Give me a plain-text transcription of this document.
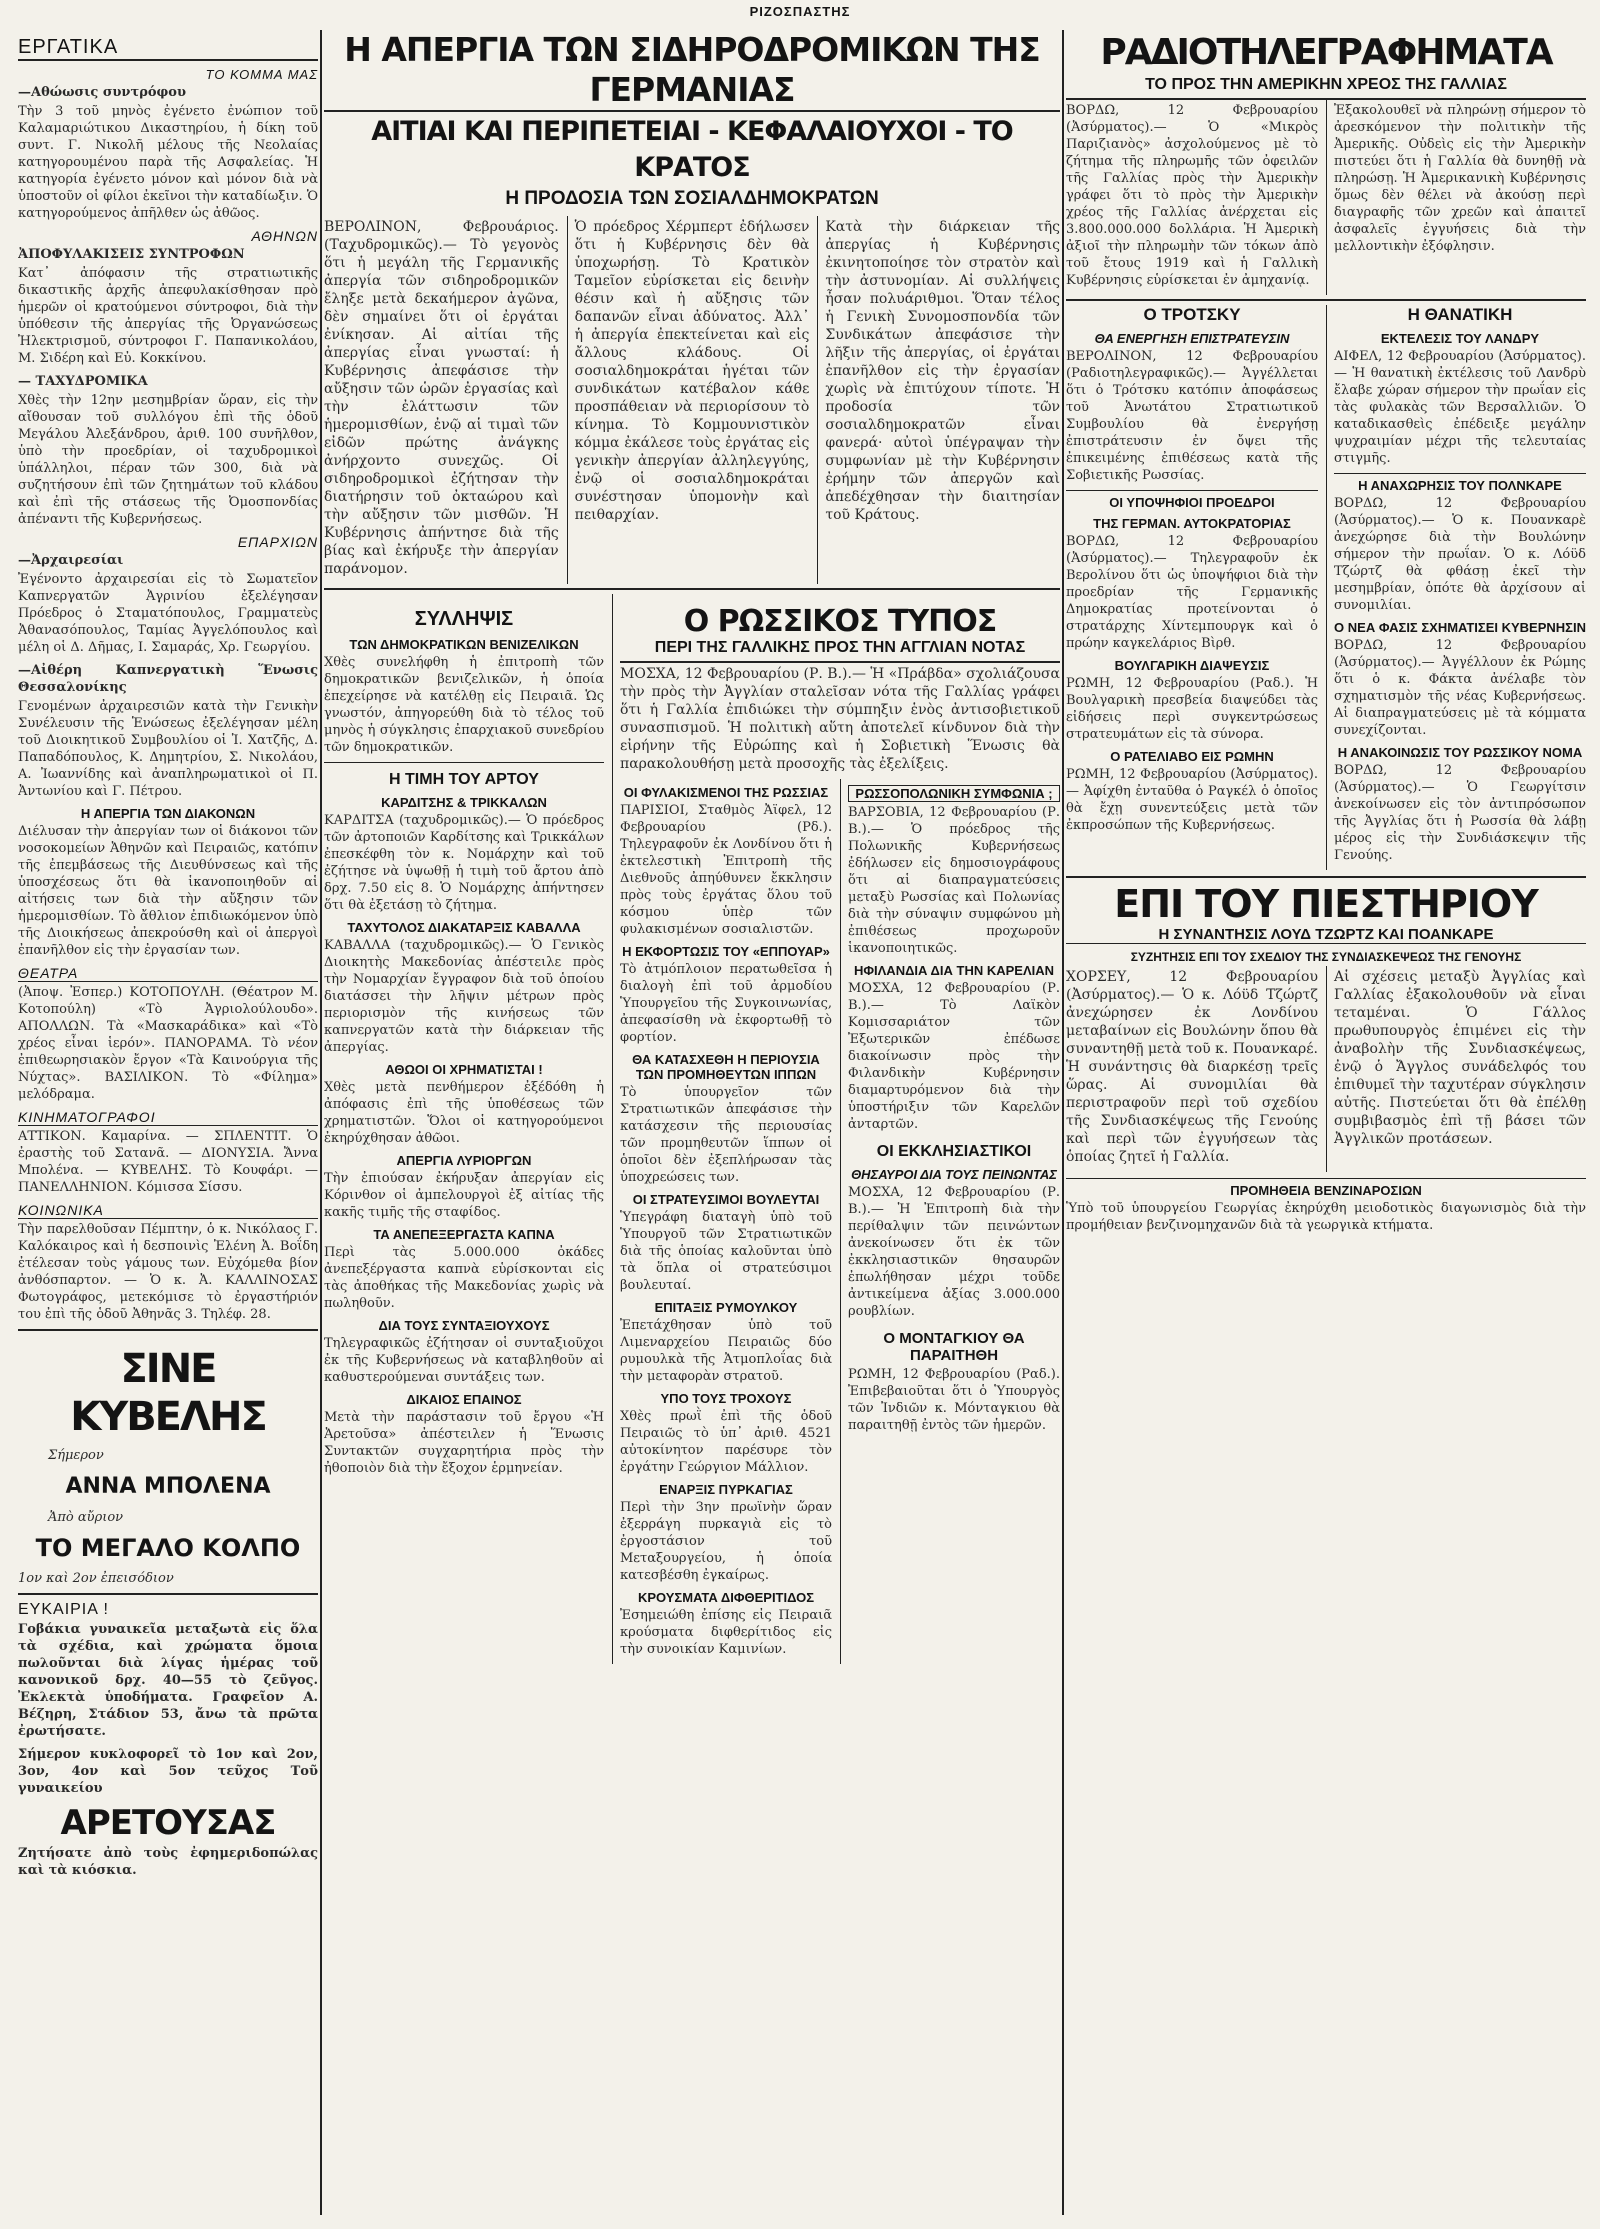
ΡΙΖΟΣΠΑΣΤΗΣ
ΕΡΓΑΤΙΚΑ
ΤΟ ΚΟΜΜΑ ΜΑΣ
—Αθώωσις συντρόφου
Τὴν 3 τοῦ μηνὸς ἐγένετο ἐνώπιον τοῦ Καλαμαριώτικου Δικαστηρίου, ἡ δίκη τοῦ συντ. Γ. Νικολῆ μέλους τῆς Νεολαίας κατηγορουμένου παρὰ τῆς Ασφαλείας. Ἡ κατηγορία ἐγένετο μόνον καὶ μόνον διὰ νὰ ὑποστοῦν οἱ φίλοι ἐκεῖνοι τὴν καταδίωξιν. Ὁ κατηγορούμενος ἀπῆλθεν ὡς ἀθῶος.
ΑΘΗΝΩΝ
ἈΠΟΦΥΛΑΚΙΣΕΙΣ ΣΥΝΤΡΟΦΩΝ
Κατ᾽ ἀπόφασιν τῆς στρατιωτικῆς δικαστικῆς ἀρχῆς ἀπεφυλακίσθησαν πρὸ ἡμερῶν οἱ κρατούμενοι σύντροφοι, διὰ τὴν ὑπόθεσιν τῆς ἀπεργίας τῆς Ὀργανώσεως Ἠλεκτρισμοῦ, σύντροφοι Γ. Παπανικολάου, Μ. Σιδέρη καὶ Εὐ. Κοκκίνου.
— ΤΑΧΥΔΡΟΜΙΚΑ
Χθὲς τὴν 12ην μεσημβρίαν ὥραν, εἰς τὴν αἴθουσαν τοῦ συλλόγου ἐπὶ τῆς ὁδοῦ Μεγάλου Ἀλεξάνδρου, ἀριθ. 100 συνῆλθον, ὑπὸ τὴν προεδρίαν, οἱ ταχυδρομικοὶ ὑπάλληλοι, πέραν τῶν 300, διὰ νὰ συζητήσουν ἐπὶ τῶν ζητημάτων τοῦ κλάδου καὶ ἐπὶ τῆς στάσεως τῆς Ὀμοσπονδίας ἀπέναντι τῆς Κυβερνήσεως.
ΕΠΑΡΧΙΩΝ
—Ἀρχαιρεσίαι
Ἐγένοντο ἀρχαιρεσίαι εἰς τὸ Σωματεῖον Καπνεργατῶν Ἀγρινίου ἐξελέγησαν Πρόεδρος ὁ Σταματόπουλος, Γραμματεὺς Ἀθανασόπουλος, Ταμίας Ἀγγελόπουλος καὶ μέλη οἱ Δ. Δῆμας, Ι. Σαμαράς, Χρ. Γεωργίου.
—Αἰθέρη Καπνεργατικὴ Ἕνωσις Θεσσαλονίκης
Γενομένων ἀρχαιρεσιῶν κατὰ τὴν Γενικὴν Συνέλευσιν τῆς Ἑνώσεως ἐξελέγησαν μέλη τοῦ Διοικητικοῦ Συμβουλίου οἱ Ἰ. Χατζῆς, Δ. Παπαδόπουλος, Κ. Δημητρίου, Σ. Νικολάου, Α. Ἰωαννίδης καὶ ἀναπληρωματικοὶ οἱ Π. Ἀντωνίου καὶ Γ. Πέτρου.
Η ΑΠΕΡΓΙΑ ΤΩΝ ΔΙΑΚΟΝΩΝ
Διέλυσαν τὴν ἀπεργίαν των οἱ διάκονοι τῶν νοσοκομείων Ἀθηνῶν καὶ Πειραιῶς, κατόπιν τῆς ἐπεμβάσεως τῆς Διευθύνσεως καὶ τῆς ὑποσχέσεως ὅτι θὰ ἱκανοποιηθοῦν αἱ αἰτήσεις των διὰ τὴν αὔξησιν τῶν ἡμερομισθίων. Τὸ ἄθλιον ἐπιδιωκόμενον ὑπὸ τῆς Διοικήσεως ἀπεκρούσθη καὶ οἱ ἀπεργοὶ ἐπανῆλθον εἰς τὴν ἐργασίαν των.
ΘΕΑΤΡΑ
(Ἀποψ. Ἐσπερ.) ΚΟΤΟΠΟΥΛΗ. (Θέατρον Μ. Κοτοπούλη) «Τὸ Ἀγριολούλουδο». ΑΠΟΛΛΩΝ. Τὰ «Μασκαράδικα» καὶ «Τὸ χρέος εἶναι ἱερόν». ΠΑΝΟΡΑΜΑ. Τὸ νέον ἐπιθεωρησιακὸν ἔργον «Τὰ Καινούργια τῆς Νύχτας». ΒΑΣΙΛΙΚΟΝ. Τὸ «Φίλημα» μελόδραμα.
ΚΙΝΗΜΑΤΟΓΡΑΦΟΙ
ΑΤΤΙΚΟΝ. Καμαρίνα. — ΣΠΛΕΝΤΙΤ. Ὁ ἐραστὴς τοῦ Σατανᾶ. — ΔΙΟΝΥΣΙΑ. Ἄννα Μπολένα. — ΚΥΒΕΛΗΣ. Τὸ Κουφάρι. — ΠΑΝΕΛΛΗΝΙΟΝ. Κόμισσα Σίσσυ.
ΚΟΙΝΩΝΙΚΑ
Τὴν παρελθοῦσαν Πέμπτην, ὁ κ. Νικόλαος Γ. Καλόκαιρος καὶ ἡ δεσποινὶς Ἐλένη Ἀ. Βοΐδη ἐτέλεσαν τοὺς γάμους των. Εὐχόμεθα βίον ἀνθόσπαρτον. — Ὁ κ. Ἀ. ΚΑΛΛΙΝΟΣΑΣ Φωτογράφος, μετεκόμισε τὸ ἐργαστήριόν του ἐπὶ τῆς ὁδοῦ Ἀθηνᾶς 3. Τηλέφ. 28.
ΣΙΝΕ ΚΥΒΕΛΗΣ
Σήμερον
ΑΝΝΑ ΜΠΟΛΕΝΑ
Ἀπὸ αὔριον
ΤΟ ΜΕΓΑΛΟ ΚΟΛΠΟ
1ον καὶ 2ον ἐπεισόδιον
ΕΥΚΑΙΡΙΑ !
Γοβάκια γυναικεῖα μεταξωτὰ εἰς ὅλα τὰ σχέδια, καὶ χρώματα ὅμοια πωλοῦνται διὰ λίγας ἡμέρας τοῦ κανονικοῦ δρχ. 40—55 τὸ ζεῦγος. Ἐκλεκτὰ ὑποδήματα. Γραφεῖον Α. Βέζηρη, Στάδιον 53, ἄνω τὰ πρῶτα ἐρωτήσατε.
Σήμερον κυκλοφορεῖ τὸ 1ον καὶ 2ον, 3ον, 4ον καὶ 5ον τεῦχος Τοῦ γυναικείου
ΑΡΕΤΟΥΣΑΣ
Ζητήσατε ἀπὸ τοὺς ἐφημεριδοπώλας καὶ τὰ κιόσκια.
Η ΑΠΕΡΓΙΑ ΤΩΝ ΣΙΔΗΡΟΔΡΟΜΙΚΩΝ ΤΗΣ ΓΕΡΜΑΝΙΑΣ
ΑΙΤΙΑΙ ΚΑΙ ΠΕΡΙΠΕΤΕΙΑΙ - ΚΕΦΑΛΑΙΟΥΧΟΙ - ΤΟ ΚΡΑΤΟΣ
Η ΠΡΟΔΟΣΙΑ ΤΩΝ ΣΟΣΙΑΛΔΗΜΟΚΡΑΤΩΝ
ΒΕΡΟΛΙΝΟΝ, Φεβρουάριος. (Ταχυδρομικῶς).— Τὸ γεγονὸς ὅτι ἡ μεγάλη τῆς Γερμανικῆς ἀπεργία τῶν σιδηροδρομικῶν ἔληξε μετὰ δεκαήμερον ἀγῶνα, δὲν σημαίνει ὅτι οἱ ἐργάται ἐνίκησαν. Αἱ αἰτίαι τῆς ἀπεργίας εἶναι γνωσταί: ἡ Κυβέρνησις ἀπεφάσισε τὴν αὔξησιν τῶν ὡρῶν ἐργασίας καὶ τὴν ἐλάττωσιν τῶν ἡμερομισθίων, ἐνῷ αἱ τιμαὶ τῶν εἰδῶν πρώτης ἀνάγκης ἀνήρχοντο συνεχῶς. Οἱ σιδηροδρομικοὶ ἐζήτησαν τὴν διατήρησιν τοῦ ὀκταώρου καὶ τὴν αὔξησιν τῶν μισθῶν. Ἡ Κυβέρνησις ἀπήντησε διὰ τῆς βίας καὶ ἐκήρυξε τὴν ἀπεργίαν παράνομον.
Ὁ πρόεδρος Χέρμπερτ ἐδήλωσεν ὅτι ἡ Κυβέρνησις δὲν θὰ ὑποχωρήσῃ. Τὸ Κρατικὸν Ταμεῖον εὑρίσκεται εἰς δεινὴν θέσιν καὶ ἡ αὔξησις τῶν δαπανῶν εἶναι ἀδύνατος. Ἀλλ᾽ ἡ ἀπεργία ἐπεκτείνεται καὶ εἰς ἄλλους κλάδους. Οἱ σοσιαλδημοκράται ἡγέται τῶν συνδικάτων κατέβαλον κάθε προσπάθειαν νὰ περιορίσουν τὸ κίνημα. Τὸ Κομμουνιστικὸν κόμμα ἐκάλεσε τοὺς ἐργάτας εἰς γενικὴν ἀπεργίαν ἀλληλεγγύης, ἐνῷ οἱ σοσιαλδημοκράται συνέστησαν ὑπομονὴν καὶ πειθαρχίαν.
Κατὰ τὴν διάρκειαν τῆς ἀπεργίας ἡ Κυβέρνησις ἐκινητοποίησε τὸν στρατὸν καὶ τὴν ἀστυνομίαν. Αἱ συλλήψεις ἦσαν πολυάριθμοι. Ὅταν τέλος ἡ Γενικὴ Συνομοσπονδία τῶν Συνδικάτων ἀπεφάσισε τὴν λῆξιν τῆς ἀπεργίας, οἱ ἐργάται ἐπανῆλθον εἰς τὴν ἐργασίαν χωρὶς νὰ ἐπιτύχουν τίποτε. Ἡ προδοσία τῶν σοσιαλδημοκρατῶν εἶναι φανερά· αὐτοὶ ὑπέγραψαν τὴν συμφωνίαν μὲ τὴν Κυβέρνησιν ἐρήμην τῶν ἀπεργῶν καὶ ἀπεδέχθησαν τὴν διαιτησίαν τοῦ Κράτους.
ΣΥΛΛΗΨΙΣ
ΤΩΝ ΔΗΜΟΚΡΑΤΙΚΩΝ ΒΕΝΙΖΕΛΙΚΩΝ
Χθὲς συνελήφθη ἡ ἐπιτροπὴ τῶν δημοκρατικῶν βενιζελικῶν, ἡ ὁποία ἐπεχείρησε νὰ κατέλθῃ εἰς Πειραιᾶ. Ὡς γνωστόν, ἀπηγορεύθη διὰ τὸ τέλος τοῦ μηνὸς ἡ σύγκλησις ἐπαρχιακοῦ συνεδρίου τῶν δημοκρατικῶν.
Η ΤΙΜΗ ΤΟΥ ΑΡΤΟΥ
ΚΑΡΔΙΤΣΗΣ & ΤΡΙΚΚΑΛΩΝ
ΚΑΡΔΙΤΣΑ (ταχυδρομικῶς).— Ὁ πρόεδρος τῶν ἀρτοποιῶν Καρδίτσης καὶ Τρικκάλων ἐπεσκέφθη τὸν κ. Νομάρχην καὶ τοῦ ἐζήτησε νὰ ὑψωθῇ ἡ τιμὴ τοῦ ἄρτου ἀπὸ δρχ. 7.50 εἰς 8. Ὁ Νομάρχης ἀπήντησεν ὅτι θὰ ἐξετάσῃ τὸ ζήτημα.
ΤΑΧΥΤΟΛΟΣ ΔΙΑΚΑΤΑΡΞΙΣ ΚΑΒΑΛΛΑ
ΚΑΒΑΛΛΑ (ταχυδρομικῶς).— Ὁ Γενικὸς Διοικητὴς Μακεδονίας ἀπέστειλε πρὸς τὴν Νομαρχίαν ἔγγραφον διὰ τοῦ ὁποίου διατάσσει τὴν λῆψιν μέτρων πρὸς περιορισμὸν τῆς κινήσεως τῶν καπνεργατῶν κατὰ τὴν διάρκειαν τῆς ἀπεργίας.
ΑΘΩΟΙ ΟΙ ΧΡΗΜΑΤΙΣΤΑΙ !
Χθὲς μετὰ πενθήμερον ἐξέδόθη ἡ ἀπόφασις ἐπὶ τῆς ὑποθέσεως τῶν χρηματιστῶν. Ὅλοι οἱ κατηγορούμενοι ἐκηρύχθησαν ἀθῶοι.
ΑΠΕΡΓΙΑ ΛΥΡΙΟΡΓΩΝ
Τὴν ἐπιούσαν ἐκήρυξαν ἀπεργίαν εἰς Κόρινθον οἱ ἀμπελουργοὶ ἐξ αἰτίας τῆς κακῆς τιμῆς τῆς σταφίδος.
ΤΑ ΑΝΕΠΕΞΕΡΓΑΣΤΑ ΚΑΠΝΑ
Περὶ τὰς 5.000.000 ὀκάδες ἀνεπεξέργαστα καπνὰ εὑρίσκονται εἰς τὰς ἀποθήκας τῆς Μακεδονίας χωρὶς νὰ πωληθοῦν.
ΔΙΑ ΤΟΥΣ ΣΥΝΤΑΞΙΟΥΧΟΥΣ
Τηλεγραφικῶς ἐζήτησαν οἱ συνταξιοῦχοι ἐκ τῆς Κυβερνήσεως νὰ καταβληθοῦν αἱ καθυστερούμεναι συντάξεις των.
ΔΙΚΑΙΟΣ ΕΠΑΙΝΟΣ
Μετὰ τὴν παράστασιν τοῦ ἔργου «Ἡ Ἀρετοῦσα» ἀπέστειλεν ἡ Ἕνωσις Συντακτῶν συγχαρητήρια πρὸς τὴν ἠθοποιὸν διὰ τὴν ἔξοχον ἑρμηνείαν.
Ο ΡΩΣΣΙΚΟΣ ΤΥΠΟΣ
ΠΕΡΙ ΤΗΣ ΓΑΛΛΙΚΗΣ ΠΡΟΣ ΤΗΝ ΑΓΓΛΙΑΝ ΝΟΤΑΣ
ΜΟΣΧΑ, 12 Φεβρουαρίου (Ρ. Β.).— Ἡ «Πράβδα» σχολιάζουσα τὴν πρὸς τὴν Ἀγγλίαν σταλεῖσαν νότα τῆς Γαλλίας γράφει ὅτι ἡ Γαλλία ἐπιδιώκει τὴν σύμπηξιν ἑνὸς ἀντισοβιετικοῦ συνασπισμοῦ. Ἡ πολιτικὴ αὕτη ἀποτελεῖ κίνδυνον διὰ τὴν εἰρήνην τῆς Εὐρώπης καὶ ἡ Σοβιετικὴ Ἕνωσις θὰ παρακολουθήσῃ μετὰ προσοχῆς τὰς ἐξελίξεις.
ΟΙ ΦΥΛΑΚΙΣΜΕΝΟΙ ΤΗΣ ΡΩΣΣΙΑΣ
ΠΑΡΙΣΙΟΙ, Σταθμὸς Ἀϊφελ, 12 Φεβρουαρίου (Ρδ.). Τηλεγραφοῦν ἐκ Λονδίνου ὅτι ἡ ἐκτελεστικὴ Ἐπιτροπὴ τῆς Διεθνοῦς ἀπηύθυνεν ἔκκλησιν πρὸς τοὺς ἐργάτας ὅλου τοῦ κόσμου ὑπὲρ τῶν φυλακισμένων σοσιαλιστῶν.
Η ΕΚΦΟΡΤΩΣΙΣ ΤΟΥ «ΕΠΠΟΥΑΡ»
Τὸ ἀτμόπλοιον περατωθεῖσα ἡ διαλογὴ ἐπὶ τοῦ ἀρμοδίου Ὑπουργεῖου τῆς Συγκοινωνίας, ἀπεφασίσθη νὰ ἐκφορτωθῇ τὸ φορτίον.
ΘΑ ΚΑΤΑΣΧΕΘΗ Η ΠΕΡΙΟΥΣΙΑ ΤΩΝ ΠΡΟΜΗΘΕΥΤΩΝ ΙΠΠΩΝ
Τὸ ὑπουργεῖον τῶν Στρατιωτικῶν ἀπεφάσισε τὴν κατάσχεσιν τῆς περιουσίας τῶν προμηθευτῶν ἵππων οἱ ὁποῖοι δὲν ἐξεπλήρωσαν τὰς ὑποχρεώσεις των.
ΟΙ ΣΤΡΑΤΕΥΣΙΜΟΙ ΒΟΥΛΕΥΤΑΙ
Ὑπεγράφη διαταγὴ ὑπὸ τοῦ Ὑπουργοῦ τῶν Στρατιωτικῶν διὰ τῆς ὁποίας καλοῦνται ὑπὸ τὰ ὅπλα οἱ στρατεύσιμοι βουλευταί.
ΕΠΙΤΑΞΙΣ ΡΥΜΟΥΛΚΟΥ
Ἐπετάχθησαν ὑπὸ τοῦ Λιμεναρχείου Πειραιῶς δύο ρυμουλκὰ τῆς Ἀτμοπλοΐας διὰ τὴν μεταφορὰν στρατοῦ.
ΥΠΟ ΤΟΥΣ ΤΡΟΧΟΥΣ
Χθὲς πρωῒ ἐπὶ τῆς ὁδοῦ Πειραιῶς τὸ ὑπ᾽ ἀριθ. 4521 αὐτοκίνητον παρέσυρε τὸν ἐργάτην Γεώργιον Μάλλιον.
ΕΝΑΡΞΙΣ ΠΥΡΚΑΓΙΑΣ
Περὶ τὴν 3ην πρωϊνὴν ὥραν ἐξερράγη πυρκαγιὰ εἰς τὸ ἐργοστάσιον τοῦ Μεταξουργείου, ἡ ὁποία κατεσβέσθη ἐγκαίρως.
ΚΡΟΥΣΜΑΤΑ ΔΙΦΘΕΡΙΤΙΔΟΣ
Ἐσημειώθη ἐπίσης εἰς Πειραιᾶ κρούσματα διφθερίτιδος εἰς τὴν συνοικίαν Καμινίων.
ΡΩΣΣΟΠΟΛΩΝΙΚΗ ΣΥΜΦΩΝΙΑ ;
ΒΑΡΣΟΒΙΑ, 12 Φεβρουαρίου (Ρ. Β.).— Ὁ πρόεδρος τῆς Πολωνικῆς Κυβερνήσεως ἐδήλωσεν εἰς δημοσιογράφους ὅτι αἱ διαπραγματεύσεις μεταξὺ Ρωσσίας καὶ Πολωνίας διὰ τὴν σύναψιν συμφώνου μὴ ἐπιθέσεως προχωροῦν ἱκανοποιητικῶς.
ΗΦΙΛΑΝΔΙΑ ΔΙΑ ΤΗΝ ΚΑΡΕΛΙΑΝ
ΜΟΣΧΑ, 12 Φεβρουαρίου (Ρ. Β.).— Τὸ Λαϊκὸν Κομισσαριάτον τῶν Ἐξωτερικῶν ἐπέδωσε διακοίνωσιν πρὸς τὴν Φιλανδικὴν Κυβέρνησιν διαμαρτυρόμενον διὰ τὴν ὑποστήριξιν τῶν Καρελῶν ἀνταρτῶν.
ΟΙ ΕΚΚΛΗΣΙΑΣΤΙΚΟΙ
ΘΗΣΑΥΡΟΙ ΔΙΑ ΤΟΥΣ ΠΕΙΝΩΝΤΑΣ
ΜΟΣΧΑ, 12 Φεβρουαρίου (Ρ. Β.).— Ἡ Ἐπιτροπὴ διὰ τὴν περίθαλψιν τῶν πεινώντων ἀνεκοίνωσεν ὅτι ἐκ τῶν ἐκκλησιαστικῶν θησαυρῶν ἐπωλήθησαν μέχρι τοῦδε ἀντικείμενα ἀξίας 3.000.000 ρουβλίων.
Ο ΜΟΝΤΑΓΚΙΟΥ ΘΑ ΠΑΡΑΙΤΗΘΗ
ΡΩΜΗ, 12 Φεβρουαρίου (Ραδ.). Ἐπιβεβαιοῦται ὅτι ὁ Ὑπουργὸς τῶν Ἰνδιῶν κ. Μόνταγκιου θὰ παραιτηθῇ ἐντὸς τῶν ἡμερῶν.
ΡΑΔΙΟΤΗΛΕΓΡΑΦΗΜΑΤΑ
ΤΟ ΠΡΟΣ ΤΗΝ ΑΜΕΡΙΚΗΝ ΧΡΕΟΣ ΤΗΣ ΓΑΛΛΙΑΣ
ΒΟΡΔΩ, 12 Φεβρουαρίου (Ἀσύρματος).— Ὁ «Μικρὸς Παριζιανὸς» ἀσχολούμενος μὲ τὸ ζήτημα τῆς πληρωμῆς τῶν ὀφειλῶν τῆς Γαλλίας πρὸς τὴν Ἀμερικὴν γράφει ὅτι τὸ πρὸς τὴν Ἀμερικὴν χρέος τῆς Γαλλίας ἀνέρχεται εἰς 3.800.000.000 δολλάρια. Ἡ Ἀμερικὴ ἀξιοῖ τὴν πληρωμὴν τῶν τόκων ἀπὸ τοῦ ἔτους 1919 καὶ ἡ Γαλλικὴ Κυβέρνησις εὑρίσκεται ἐν ἀμηχανίᾳ.
Ἐξακολουθεῖ νὰ πληρώνῃ σήμερον τὸ ἀρεσκόμενον τὴν πολιτικὴν τῆς Ἀμερικῆς. Οὐδεὶς εἰς τὴν Ἀμερικὴν πιστεύει ὅτι ἡ Γαλλία θὰ δυνηθῇ νὰ πληρώσῃ. Ἡ Ἀμερικανικὴ Κυβέρνησις ὅμως δὲν θέλει νὰ ἀκούσῃ περὶ διαγραφῆς τῶν χρεῶν καὶ ἀπαιτεῖ ἀσφαλεῖς ἐγγυήσεις διὰ τὴν μελλοντικὴν ἐξόφλησιν.
Ο ΤΡΟΤΣΚΥ
ΘΑ ΕΝΕΡΓΗΣΗ ΕΠΙΣΤΡΑΤΕΥΣΙΝ
ΒΕΡΟΛΙΝΟΝ, 12 Φεβρουαρίου (Ραδιοτηλεγραφικῶς).— Ἀγγέλλεται ὅτι ὁ Τρότσκυ κατόπιν ἀποφάσεως τοῦ Ἀνωτάτου Στρατιωτικοῦ Συμβουλίου θὰ ἐνεργήσῃ ἐπιστράτευσιν ἐν ὄψει τῆς ἐπικειμένης ἐπιθέσεως κατὰ τῆς Σοβιετικῆς Ρωσσίας.
ΟΙ ΥΠΟΨΗΦΙΟΙ ΠΡΟΕΔΡΟΙ
ΤΗΣ ΓΕΡΜΑΝ. ΑΥΤΟΚΡΑΤΟΡΙΑΣ
ΒΟΡΔΩ, 12 Φεβρουαρίου (Ἀσύρματος).— Τηλεγραφοῦν ἐκ Βερολίνου ὅτι ὡς ὑποψήφιοι διὰ τὴν προεδρίαν τῆς Γερμανικῆς Δημοκρατίας προτείνονται ὁ στρατάρχης Χίντεμπουργκ καὶ ὁ πρώην καγκελάριος Βὶρθ.
ΒΟΥΛΓΑΡΙΚΗ ΔΙΑΨΕΥΣΙΣ
ΡΩΜΗ, 12 Φεβρουαρίου (Ραδ.). Ἡ Βουλγαρικὴ πρεσβεία διαψεύδει τὰς εἰδήσεις περὶ συγκεντρώσεως στρατευμάτων εἰς τὰ σύνορα.
Ο ΡΑΤΕΛΙΑΒΟ ΕΙΣ ΡΩΜΗΝ
ΡΩΜΗ, 12 Φεβρουαρίου (Ἀσύρματος).— Ἀφίχθη ἐνταῦθα ὁ Ραγκέλ ὁ ὁποῖος θὰ ἔχῃ συνεντεύξεις μετὰ τῶν ἐκπροσώπων τῆς Κυβερνήσεως.
Η ΘΑΝΑΤΙΚΗ
ΕΚΤΕΛΕΣΙΣ ΤΟΥ ΛΑΝΔΡΥ
ΑΙΦΕΛ, 12 Φεβρουαρίου (Ἀσύρματος).— Ἡ θανατικὴ ἐκτέλεσις τοῦ Λανδρὺ ἔλαβε χώραν σήμερον τὴν πρωΐαν εἰς τὰς φυλακὰς τῶν Βερσαλλιῶν. Ὁ καταδικασθεὶς ἐπέδειξε μεγάλην ψυχραιμίαν μέχρι τῆς τελευταίας στιγμῆς.
Η ΑΝΑΧΩΡΗΣΙΣ ΤΟΥ ΠΟΛΝΚΑΡΕ
ΒΟΡΔΩ, 12 Φεβρουαρίου (Ἀσύρματος).— Ὁ κ. Πουανκαρὲ ἀνεχώρησε διὰ τὴν Βουλώνην σήμερον τὴν πρωΐαν. Ὁ κ. Λόϋδ Τζώρτζ θὰ φθάσῃ ἐκεῖ τὴν μεσημβρίαν, ὁπότε θὰ ἀρχίσουν αἱ συνομιλίαι.
Ο ΝΕΑ ΦΑΣΙΣ ΣΧΗΜΑΤΙΣΕΙ ΚΥΒΕΡΝΗΣΙΝ
ΒΟΡΔΩ, 12 Φεβρουαρίου (Ἀσύρματος).— Ἀγγέλλουν ἐκ Ρώμης ὅτι ὁ κ. Φάκτα ἀνέλαβε τὸν σχηματισμὸν τῆς νέας Κυβερνήσεως. Αἱ διαπραγματεύσεις μὲ τὰ κόμματα συνεχίζονται.
Η ΑΝΑΚΟΙΝΩΣΙΣ ΤΟΥ ΡΩΣΣΙΚΟΥ ΝΟΜΑ
ΒΟΡΔΩ, 12 Φεβρουαρίου (Ἀσύρματος).— Ὁ Γεωργίτσιν ἀνεκοίνωσεν εἰς τὸν ἀντιπρόσωπον τῆς Ἀγγλίας ὅτι ἡ Ρωσσία θὰ λάβῃ μέρος εἰς τὴν Συνδιάσκεψιν τῆς Γενούης.
ΕΠΙ ΤΟΥ ΠΙΕΣΤΗΡΙΟΥ
Η ΣΥΝΑΝΤΗΣΙΣ ΛΟΥΔ ΤΖΩΡΤΖ ΚΑΙ ΠΟΑΝΚΑΡΕ
ΣΥΖΗΤΗΣΙΣ ΕΠΙ ΤΟΥ ΣΧΕΔΙΟΥ ΤΗΣ ΣΥΝΔΙΑΣΚΕΨΕΩΣ ΤΗΣ ΓΕΝΟΥΗΣ
ΧΟΡΣΕΥ, 12 Φεβρουαρίου (Ἀσύρματος).— Ὁ κ. Λόϋδ Τζώρτζ ἀνεχώρησεν ἐκ Λονδίνου μεταβαίνων εἰς Βουλώνην ὅπου θὰ συναντηθῇ μετὰ τοῦ κ. Πουανκαρέ. Ἡ συνάντησις θὰ διαρκέσῃ τρεῖς ὥρας. Αἱ συνομιλίαι θὰ περιστραφοῦν περὶ τοῦ σχεδίου τῆς Συνδιασκέψεως τῆς Γενούης καὶ περὶ τῶν ἐγγυήσεων τὰς ὁποίας ζητεῖ ἡ Γαλλία.
Αἱ σχέσεις μεταξὺ Ἀγγλίας καὶ Γαλλίας ἐξακολουθοῦν νὰ εἶναι τεταμέναι. Ὁ Γάλλος πρωθυπουργὸς ἐπιμένει εἰς τὴν ἀναβολὴν τῆς Συνδιασκέψεως, ἐνῷ ὁ Ἄγγλος συνάδελφός του ἐπιθυμεῖ τὴν ταχυτέραν σύγκλησιν αὐτῆς. Πιστεύεται ὅτι θὰ ἐπέλθῃ συμβιβασμὸς ἐπὶ τῇ βάσει τῶν Ἀγγλικῶν προτάσεων.
ΠΡΟΜΗΘΕΙΑ ΒΕΝΖΙΝΑΡΟΣΙΩΝ
Ὑπὸ τοῦ ὑπουργείου Γεωργίας ἐκηρύχθη μειοδοτικὸς διαγωνισμὸς διὰ τὴν προμήθειαν βενζινομηχανῶν διὰ τὰ γεωργικὰ κτήματα.
